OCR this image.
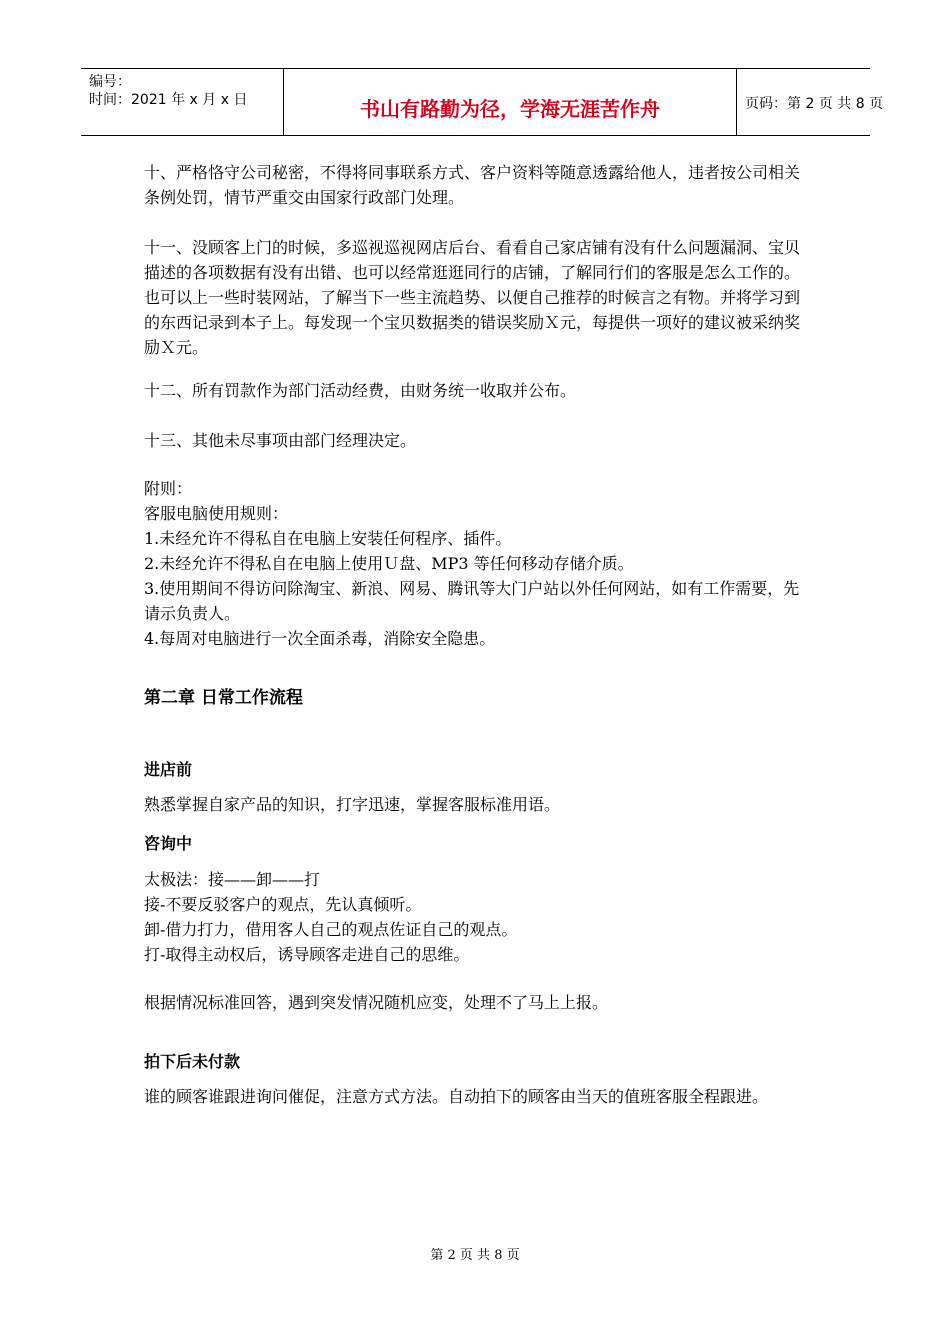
编号：
时间：2021 年 x 月 x 日	书山有路勤为径，学海无涯苦作舟	页码：第 2 页 共 8 页

十、严格恪守公司秘密，不得将同事联系方式、客户资料等随意透露给他人，违者按公司相关条例处罚，情节严重交由国家行政部门处理。

十一、没顾客上门的时候，多巡视巡视网店后台、看看自己家店铺有没有什么问题漏洞、宝贝描述的各项数据有没有出错、也可以经常逛逛同行的店铺，了解同行们的客服是怎么工作的。也可以上一些时装网站，了解当下一些主流趋势、以便自己推荐的时候言之有物。并将学习到的东西记录到本子上。每发现一个宝贝数据类的错误奖励Ｘ元，每提供一项好的建议被采纳奖励Ｘ元。

十二、所有罚款作为部门活动经费，由财务统一收取并公布。

十三、其他未尽事项由部门经理决定。

附则：

客服电脑使用规则：

1.未经允许不得私自在电脑上安装任何程序、插件。

2.未经允许不得私自在电脑上使用Ｕ盘、MP3 等任何移动存储介质。

3.使用期间不得访问除淘宝、新浪、网易、腾讯等大门户站以外任何网站，如有工作需要，先请示负责人。

4.每周对电脑进行一次全面杀毒，消除安全隐患。

第二章 日常工作流程

进店前

熟悉掌握自家产品的知识，打字迅速，掌握客服标准用语。

咨询中

太极法：接——卸——打

接-不要反驳客户的观点，先认真倾听。

卸-借力打力，借用客人自己的观点佐证自己的观点。

打-取得主动权后，诱导顾客走进自己的思维。

根据情况标准回答，遇到突发情况随机应变，处理不了马上上报。

拍下后未付款

谁的顾客谁跟进询问催促，注意方式方法。自动拍下的顾客由当天的值班客服全程跟进。

第 2 页 共 8 页
